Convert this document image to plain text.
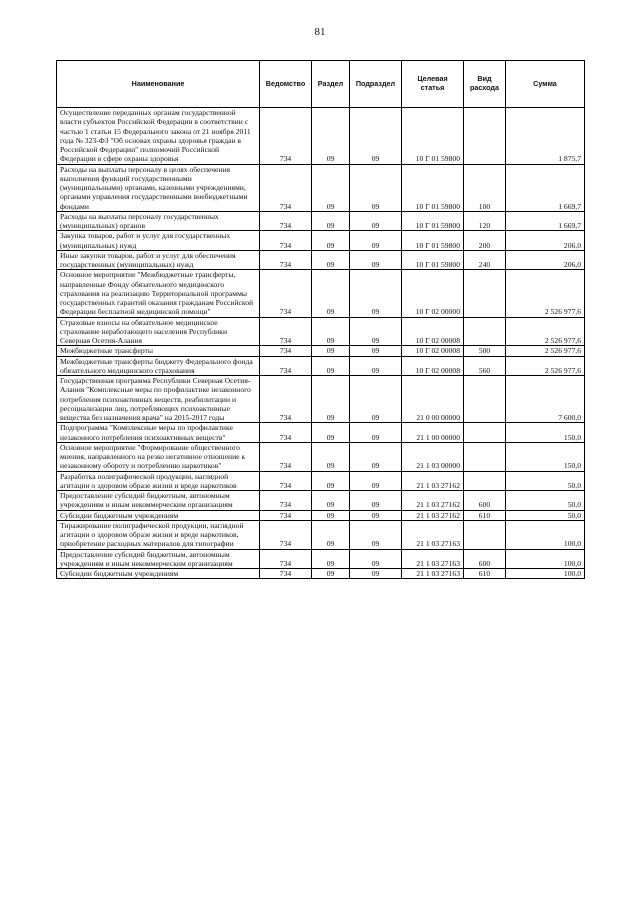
81
Наименование	Ведомство	Раздел	Подраздел	Целевая статья	Вид расхода	Сумма
Осуществление переданных органам государственной власти субъектов Российской Федерации в соответствии с частью 1 статьи 15 Федерального закона от 21 ноября 2011 года № 323-ФЗ "Об основах охраны здоровья граждан в Российской Федерации" полномочий Российской Федерации в сфере охраны здоровья	734	09	09	10 Г 01 59800		1 875,7
Расходы на выплаты персоналу в целях обеспечения выполнения функций государственными (муниципальными) органами, казенными учреждениями, органами управления государственными внебюджетными фондами	734	09	09	10 Г 01 59800	100	1 669,7
Расходы на выплаты персоналу государственных (муниципальных) органов	734	09	09	10 Г 01 59800	120	1 669,7
Закупка товаров, работ и услуг для государственных (муниципальных) нужд	734	09	09	10 Г 01 59800	200	206,0
Иные закупки товаров, работ и услуг для обеспечения государственных (муниципальных) нужд	734	09	09	10 Г 01 59800	240	206,0
Основное мероприятие "Межбюджетные трансферты, направленные Фонду обязательного медицинского страхования на реализацию Территориальной программы государственных гарантий оказания гражданам Российской Федерации бесплатной медицинской помощи"	734	09	09	10 Г 02 00000		2 526 977,6
Страховые взносы на обязательное медицинское страхование неработающего населения Республики Северная Осетия-Алания	734	09	09	10 Г 02 00008		2 526 977,6
Межбюджетные трансферты	734	09	09	10 Г 02 00008	500	2 526 977,6
Межбюджетные трансферты бюджету Федерального фонда обязательного медицинского страхования	734	09	09	10 Г 02 00008	560	2 526 977,6
Государственная программа Республики Северная Осетия-Алания "Комплексные меры по профилактике незаконного потребления психоактивных веществ, реабилитации и ресоциализации лиц, потребляющих психоактивные вещества без назначения врача" на 2015-2017 годы	734	09	09	21 0 00 00000		7 600,0
Подпрограмма "Комплексные меры по профилактике незаконного потребления психоактивных веществ"	734	09	09	21 1 00 00000		150,0
Основное мероприятие "Формирование общественного мнения, направленного на резко негативное отношение к незаконному обороту и потреблению наркотиков"	734	09	09	21 1 03 00000		150,0
Разработка полиграфической продукции, наглядной агитации о здоровом образе жизни и вреде наркотиков	734	09	09	21 1 03 27162		50,0
Предоставление субсидий бюджетным, автономным учреждениям и иным некоммерческим организациям	734	09	09	21 1 03 27162	600	50,0
Субсидии бюджетным учреждениям	734	09	09	21 1 03 27162	610	50,0
Тиражирование полиграфической продукции, наглядной агитации о здоровом образе жизни и вреде наркотиков, приобретение расходных материалов для типографии	734	09	09	21 1 03 27163		100,0
Предоставление субсидий бюджетным, автономным учреждениям и иным некоммерческим организациям	734	09	09	21 1 03 27163	600	100,0
Субсидии бюджетным учреждениям	734	09	09	21 1 03 27163	610	100,0
